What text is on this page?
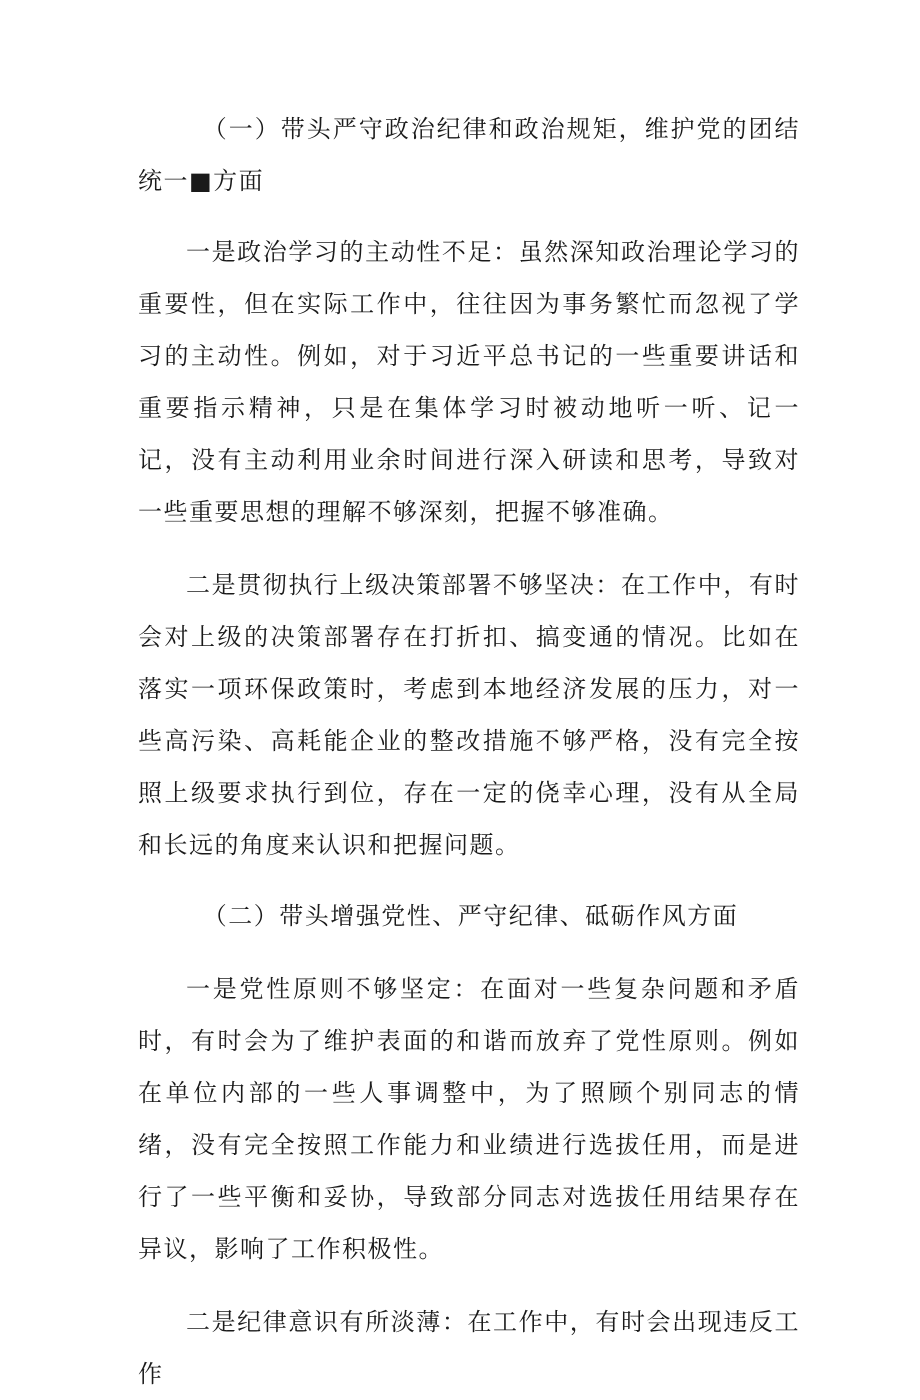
（一）带头严守政治纪律和政治规矩，维护党的团结统一■方面

一是政治学习的主动性不足：虽然深知政治理论学习的重要性，但在实际工作中，往往因为事务繁忙而忽视了学习的主动性。例如，对于习近平总书记的一些重要讲话和重要指示精神，只是在集体学习时被动地听一听、记一记，没有主动利用业余时间进行深入研读和思考，导致对一些重要思想的理解不够深刻，把握不够准确。

二是贯彻执行上级决策部署不够坚决：在工作中，有时会对上级的决策部署存在打折扣、搞变通的情况。比如在落实一项环保政策时，考虑到本地经济发展的压力，对一些高污染、高耗能企业的整改措施不够严格，没有完全按照上级要求执行到位，存在一定的侥幸心理，没有从全局和长远的角度来认识和把握问题。

（二）带头增强党性、严守纪律、砥砺作风方面

一是党性原则不够坚定：在面对一些复杂问题和矛盾时，有时会为了维护表面的和谐而放弃了党性原则。例如在单位内部的一些人事调整中，为了照顾个别同志的情绪，没有完全按照工作能力和业绩进行选拔任用，而是进行了一些平衡和妥协，导致部分同志对选拔任用结果存在异议，影响了工作积极性。

二是纪律意识有所淡薄：在工作中，有时会出现违反工作
